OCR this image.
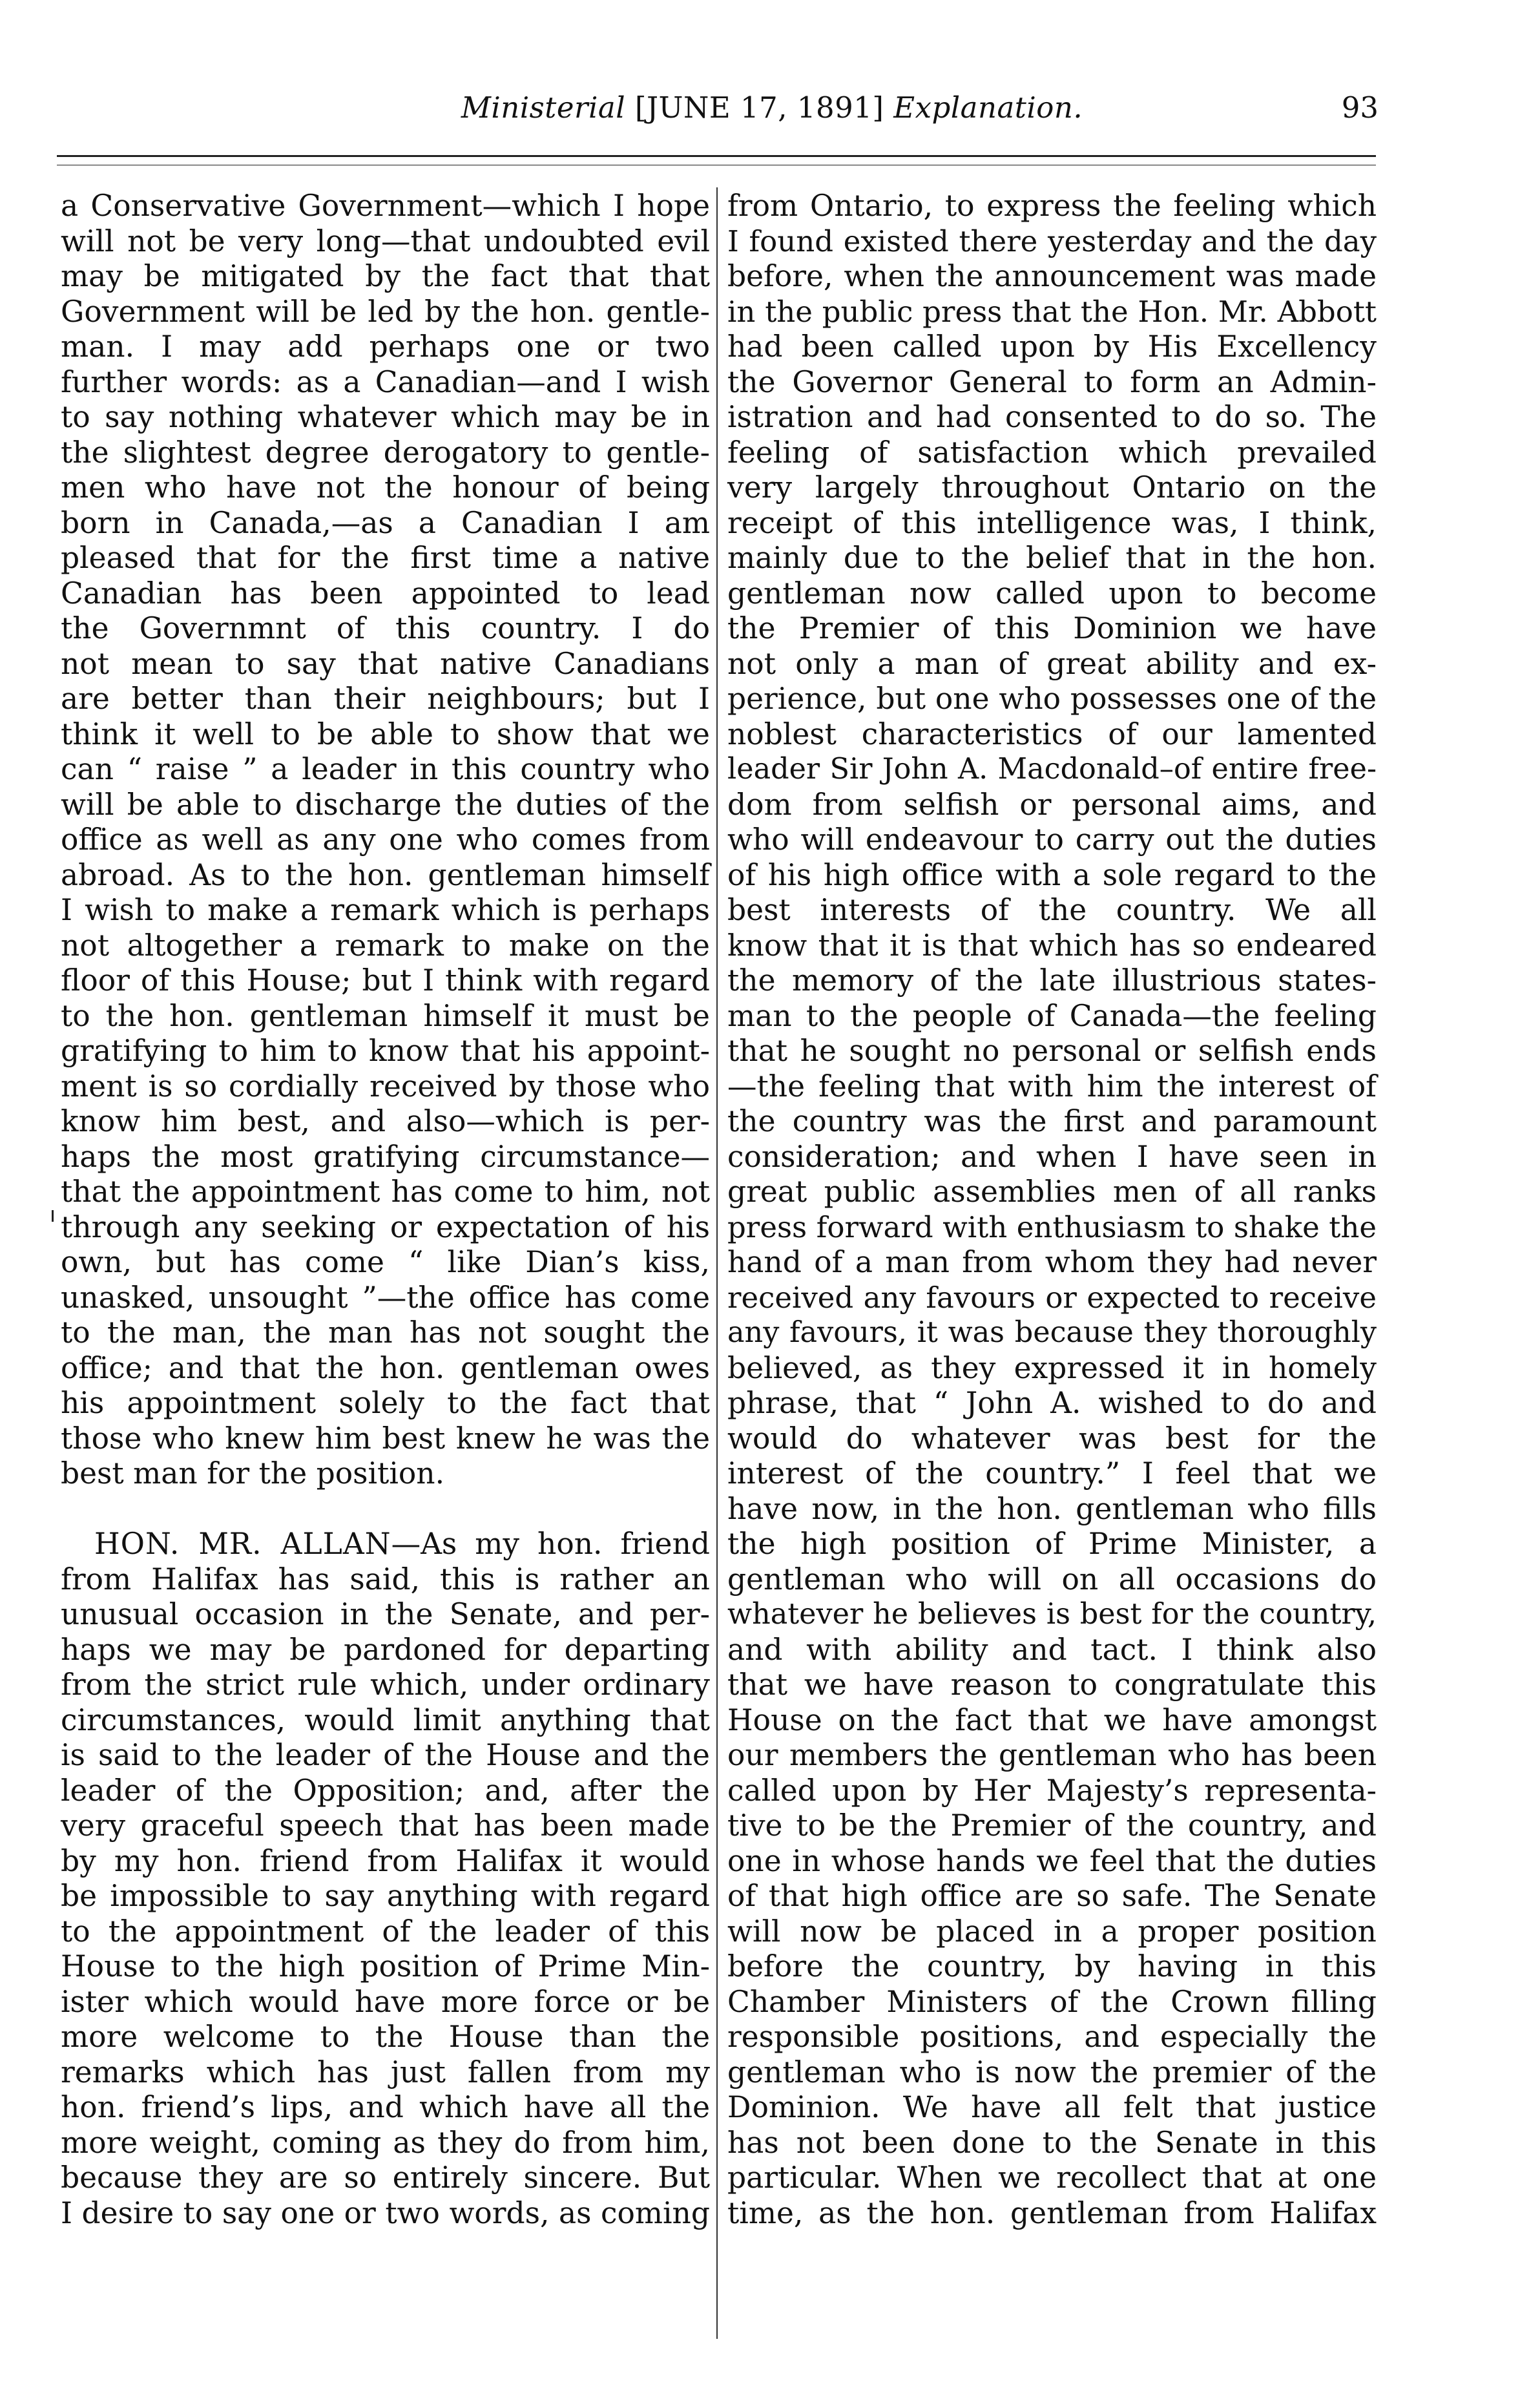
Ministerial [JUNE 17, 1891] Explanation.	93
a Conservative Government—which I hope
will not be very long—that undoubted evil
may be mitigated by the fact that that
Government will be led by the hon. gentle-
man. I may add perhaps one or two
further words: as a Canadian—and I wish
to say nothing whatever which may be in
the slightest degree derogatory to gentle-
men who have not the honour of being
born in Canada,—as a Canadian I am
pleased that for the first time a native
Canadian has been appointed to lead
the Governmnt of this country. I do
not mean to say that native Canadians
are better than their neighbours; but I
think it well to be able to show that we
can “ raise ” a leader in this country who
will be able to discharge the duties of the
office as well as any one who comes from
abroad. As to the hon. gentleman himself
I wish to make a remark which is perhaps
not altogether a remark to make on the
floor of this House; but I think with regard
to the hon. gentleman himself it must be
gratifying to him to know that his appoint-
ment is so cordially received by those who
know him best, and also—which is per-
haps the most gratifying circumstance—
that the appointment has come to him, not
through any seeking or expectation of his
own, but has come “ like Dian’s kiss,
unasked, unsought ”—the office has come
to the man, the man has not sought the
office; and that the hon. gentleman owes
his appointment solely to the fact that
those who knew him best knew he was the
best man for the position.
HON. MR. ALLAN—As my hon. friend
from Halifax has said, this is rather an
unusual occasion in the Senate, and per-
haps we may be pardoned for departing
from the strict rule which, under ordinary
circumstances, would limit anything that
is said to the leader of the House and the
leader of the Opposition; and, after the
very graceful speech that has been made
by my hon. friend from Halifax it would
be impossible to say anything with regard
to the appointment of the leader of this
House to the high position of Prime Min-
ister which would have more force or be
more welcome to the House than the
remarks which has just fallen from my
hon. friend’s lips, and which have all the
more weight, coming as they do from him,
because they are so entirely sincere. But
I desire to say one or two words, as coming
from Ontario, to express the feeling which
I found existed there yesterday and the day
before, when the announcement was made
in the public press that the Hon. Mr. Abbott
had been called upon by His Excellency
the Governor General to form an Admin-
istration and had consented to do so. The
feeling of satisfaction which prevailed
very largely throughout Ontario on the
receipt of this intelligence was, I think,
mainly due to the belief that in the hon.
gentleman now called upon to become
the Premier of this Dominion we have
not only a man of great ability and ex-
perience, but one who possesses one of the
noblest characteristics of our lamented
leader Sir John A. Macdonald–of entire free-
dom from selfish or personal aims, and
who will endeavour to carry out the duties
of his high office with a sole regard to the
best interests of the country. We all
know that it is that which has so endeared
the memory of the late illustrious states-
man to the people of Canada—the feeling
that he sought no personal or selfish ends
—the feeling that with him the interest of
the country was the first and paramount
consideration; and when I have seen in
great public assemblies men of all ranks
press forward with enthusiasm to shake the
hand of a man from whom they had never
received any favours or expected to receive
any favours, it was because they thoroughly
believed, as they expressed it in homely
phrase, that “ John A. wished to do and
would do whatever was best for the
interest of the country.” I feel that we
have now, in the hon. gentleman who fills
the high position of Prime Minister, a
gentleman who will on all occasions do
whatever he believes is best for the country,
and with ability and tact. I think also
that we have reason to congratulate this
House on the fact that we have amongst
our members the gentleman who has been
called upon by Her Majesty’s representa-
tive to be the Premier of the country, and
one in whose hands we feel that the duties
of that high office are so safe. The Senate
will now be placed in a proper position
before the country, by having in this
Chamber Ministers of the Crown filling
responsible positions, and especially the
gentleman who is now the premier of the
Dominion. We have all felt that justice
has not been done to the Senate in this
particular. When we recollect that at one
time, as the hon. gentleman from Halifax
